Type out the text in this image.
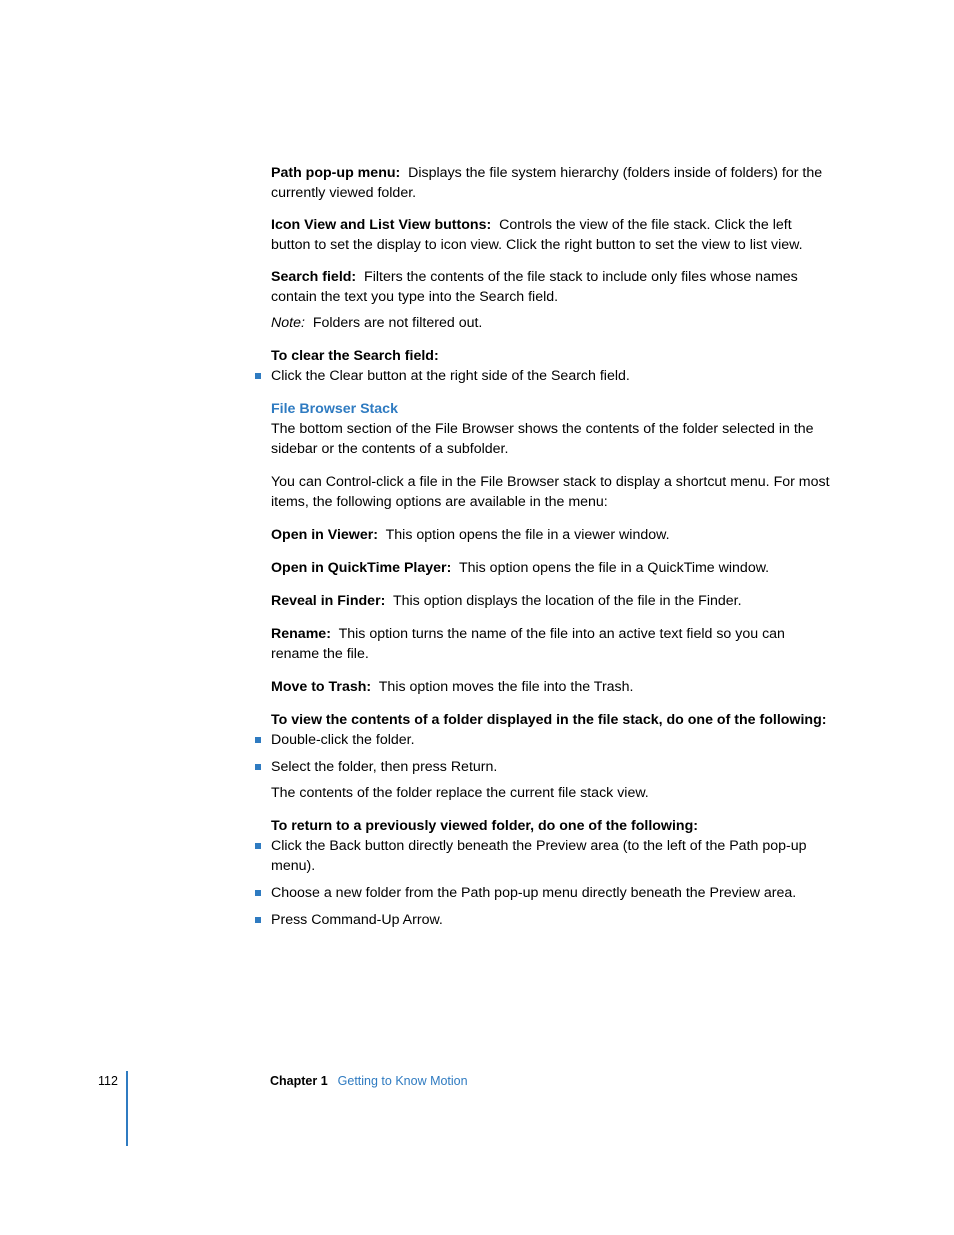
Path pop-up menu: Displays the file system hierarchy (folders inside of folders) for the currently viewed folder.

Icon View and List View buttons: Controls the view of the file stack. Click the left button to set the display to icon view. Click the right button to set the view to list view.

Search field: Filters the contents of the file stack to include only files whose names contain the text you type into the Search field.

Note: Folders are not filtered out.

To clear the Search field:

Click the Clear button at the right side of the Search field.

File Browser Stack

The bottom section of the File Browser shows the contents of the folder selected in the sidebar or the contents of a subfolder.

You can Control-click a file in the File Browser stack to display a shortcut menu. For most items, the following options are available in the menu:

Open in Viewer: This option opens the file in a viewer window.

Open in QuickTime Player: This option opens the file in a QuickTime window.

Reveal in Finder: This option displays the location of the file in the Finder.

Rename: This option turns the name of the file into an active text field so you can rename the file.

Move to Trash: This option moves the file into the Trash.

To view the contents of a folder displayed in the file stack, do one of the following:

Double-click the folder.
Select the folder, then press Return.

The contents of the folder replace the current file stack view.

To return to a previously viewed folder, do one of the following:

Click the Back button directly beneath the Preview area (to the left of the Path pop-up menu).
Choose a new folder from the Path pop-up menu directly beneath the Preview area.
Press Command-Up Arrow.
112	Chapter 1 Getting to Know Motion
